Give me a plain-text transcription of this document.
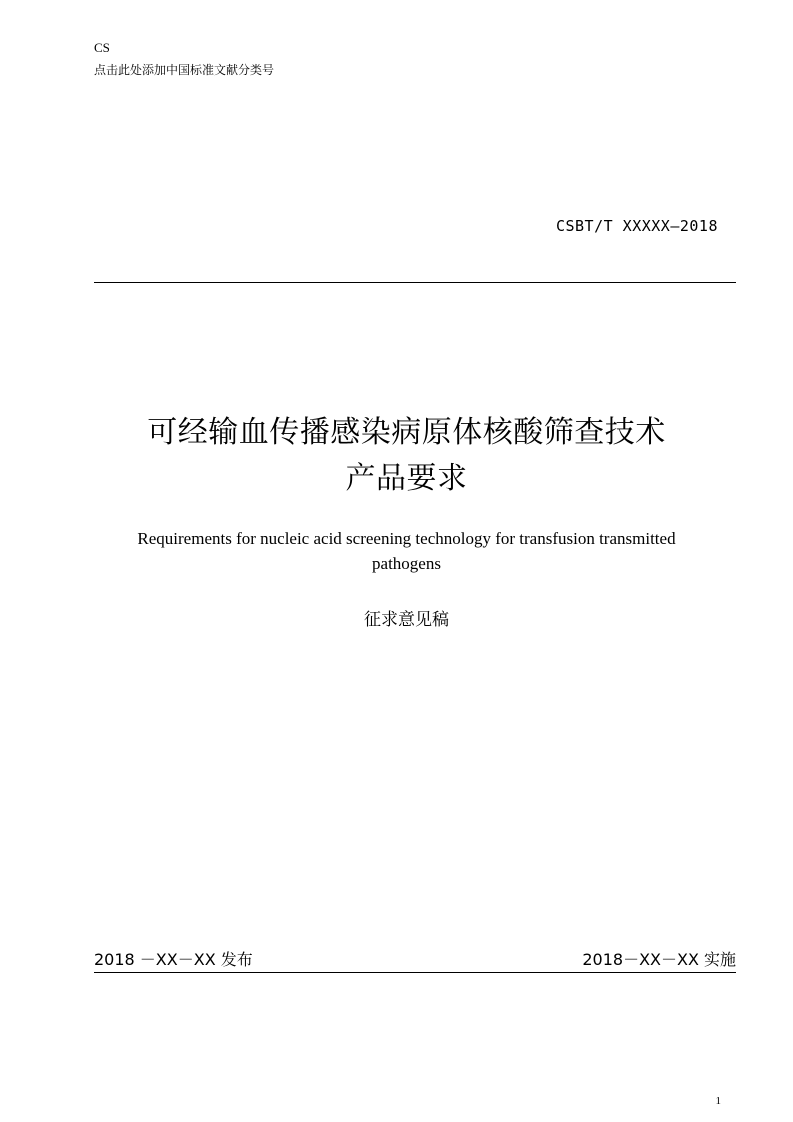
CS
点击此处添加中国标准文献分类号
CSBT/T XXXXX—2018
可经输血传播感染病原体核酸筛查技术
产品要求
Requirements for nucleic acid screening technology for transfusion transmitted
pathogens
征求意见稿
2018 －XX－XX 发布	2018－XX－XX 实施
1
